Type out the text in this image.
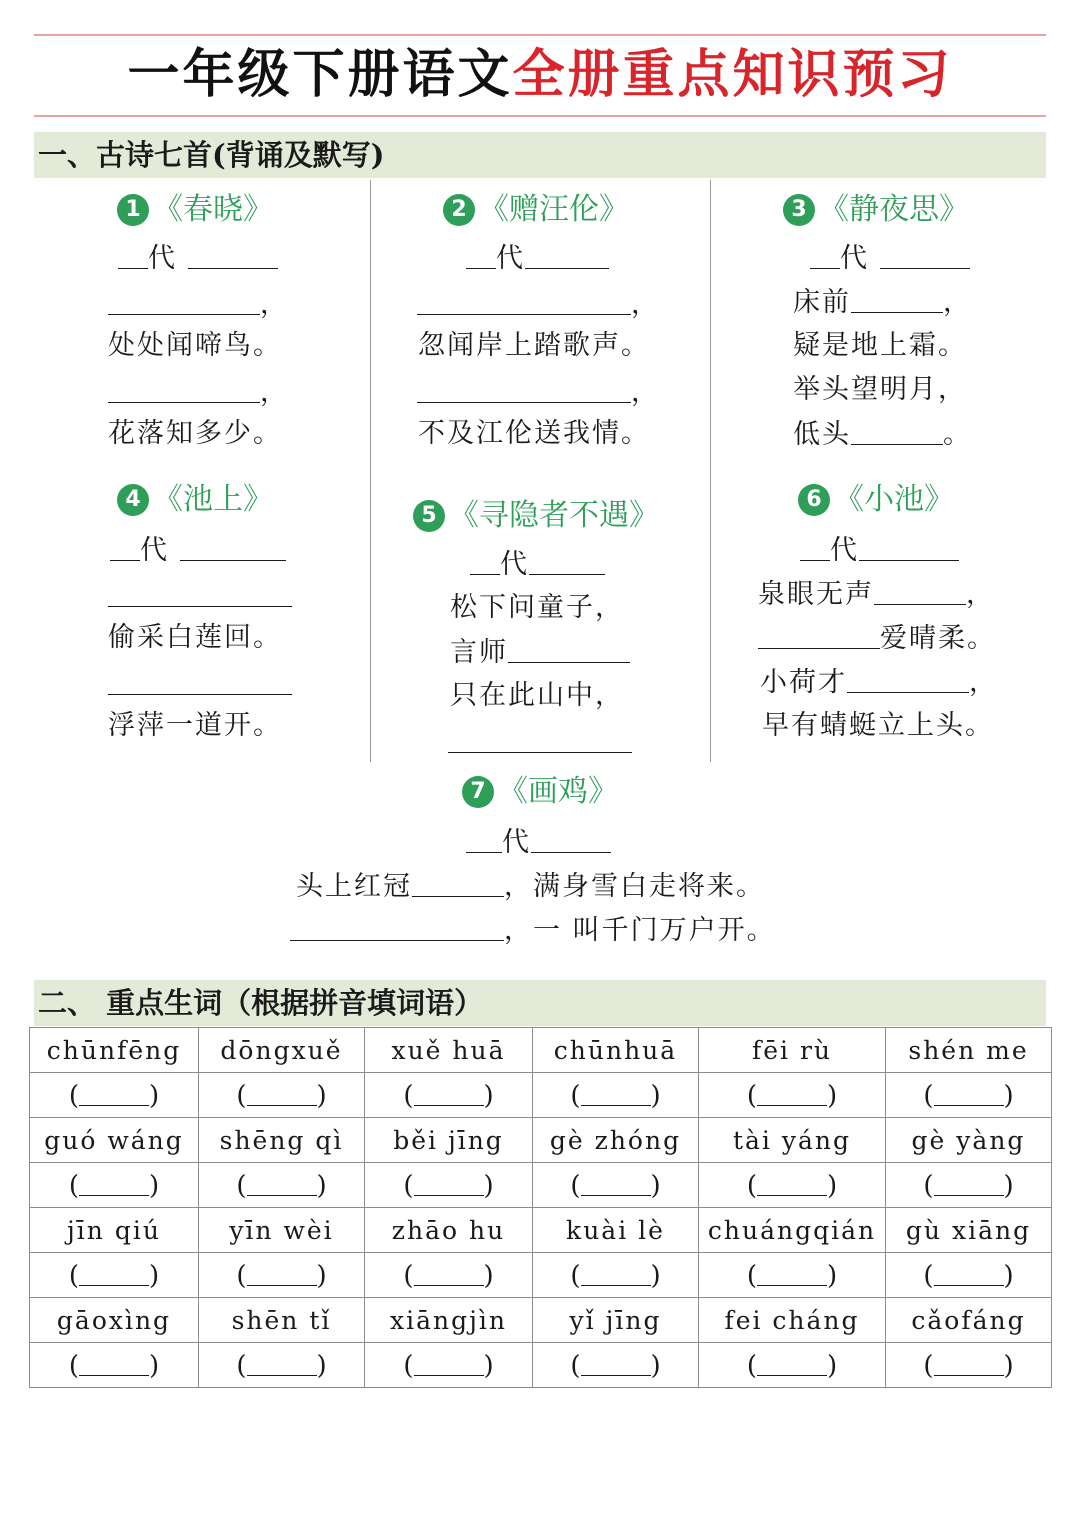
一年级下册语文全册重点知识预习
一、古诗七首(背诵及默写)
1 《春晓》
代
，
处处闻啼鸟。
，
花落知多少。
2 《赠汪伦》
代
，
忽闻岸上踏歌声。
，
不及江伦送我情。
3 《静夜思》
代
床前	，
疑是地上霜。
举头望明月，
低头	。
4 《池上》
代
偷采白莲回。
浮萍一道开。
5 《寻隐者不遇》
代
松下问童子，
言师
只在此山中，
6 《小池》
代
泉眼无声	，
爱晴柔。
小荷才	，
早有蜻蜓立上头。
7 《画鸡》
代
头上红冠	，满身雪白走将来。
，一 叫千门万户开。
二、 重点生词（根据拼音填词语）
chūnfēng	dōngxuě	xuě huā	chūnhuā	fēi rù	shén me
( )	( )	( )	( )	( )	( )
guó wáng	shēng qì	běi jīng	gè zhóng	tài yáng	gè yàng
( )	( )	( )	( )	( )	( )
jīn qiú	yīn wèi	zhāo hu	kuài lè	chuángqián	gù xiāng
( )	( )	( )	( )	( )	( )
gāoxìng	shēn tǐ	xiāngjìn	yǐ jīng	fei cháng	cǎofáng
( )	( )	( )	( )	( )	( )
